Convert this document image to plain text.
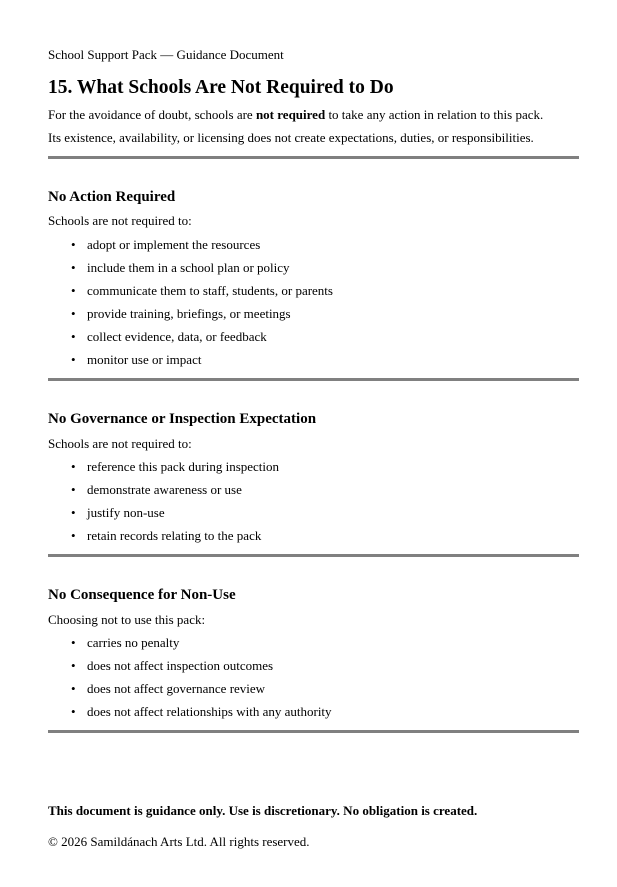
School Support Pack — Guidance Document
15. What Schools Are Not Required to Do
For the avoidance of doubt, schools are not required to take any action in relation to this pack.
Its existence, availability, or licensing does not create expectations, duties, or responsibilities.
No Action Required
Schools are not required to:
• adopt or implement the resources
• include them in a school plan or policy
• communicate them to staff, students, or parents
• provide training, briefings, or meetings
• collect evidence, data, or feedback
• monitor use or impact
No Governance or Inspection Expectation
Schools are not required to:
• reference this pack during inspection
• demonstrate awareness or use
• justify non-use
• retain records relating to the pack
No Consequence for Non-Use
Choosing not to use this pack:
• carries no penalty
• does not affect inspection outcomes
• does not affect governance review
• does not affect relationships with any authority
This document is guidance only. Use is discretionary. No obligation is created.
© 2026 Samildánach Arts Ltd. All rights reserved.
